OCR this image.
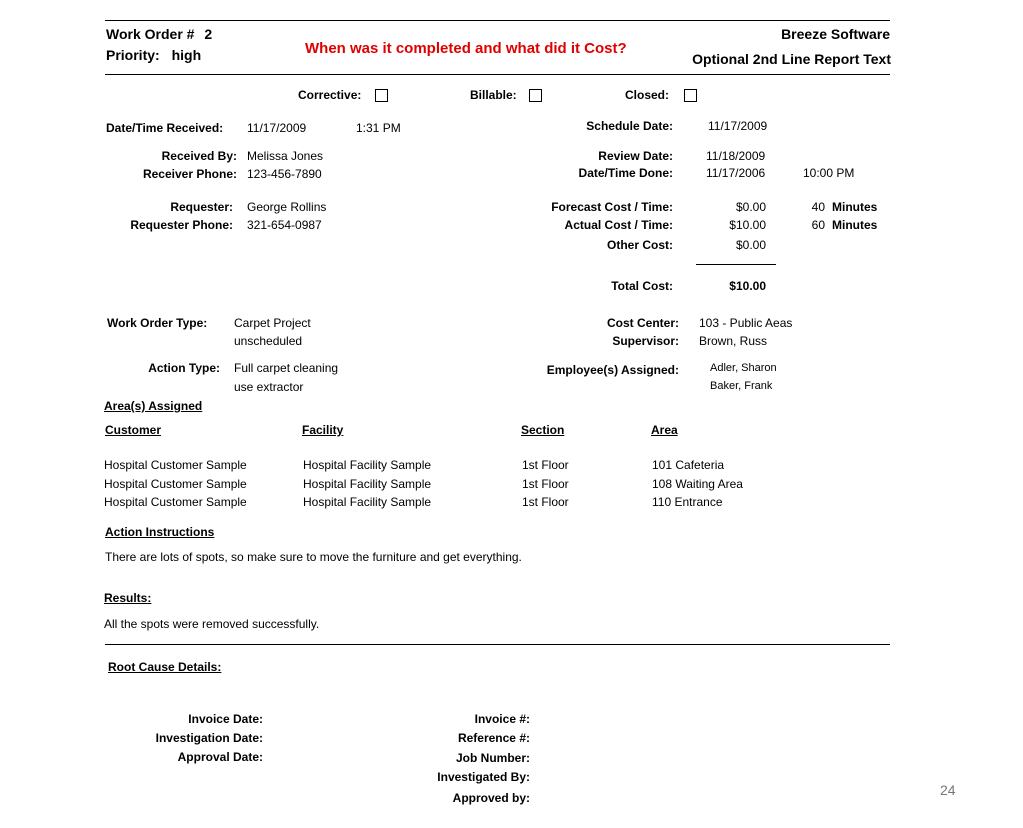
Work Order # 2
Priority: high	When was it completed and what did it Cost?
Breeze Software
Optional 2nd Line Report Text
Corrective:	Billable:	Closed:
Date/Time Received: 11/17/2009	1:31 PM
Received By: Melissa Jones
Receiver Phone: 123-456-7890
Requester: George Rollins
Requester Phone: 321-654-0987
Work Order Type: Carpet Project
unscheduled
Action Type: Full carpet cleaning
use extractor
Schedule Date:	11/17/2009
Review Date:	11/18/2009
Date/Time Done:	11/17/2006	10:00 PM
Forecast Cost / Time:	$0.00	40 Minutes
Actual Cost / Time:	$10.00	60 Minutes
Other Cost:	$0.00
Total Cost:	$10.00
Cost Center: 103 - Public Aeas
Supervisor: Brown, Russ
Employee(s) Assigned:	Adler, Sharon
Baker, Frank
Area(s) Assigned
Customer	Facility	Section	Area
Hospital Customer Sample	Hospital Facility Sample	1st Floor	101 Cafeteria
Hospital Customer Sample	Hospital Facility Sample	1st Floor	108 Waiting Area
Hospital Customer Sample	Hospital Facility Sample	1st Floor	110 Entrance
Action Instructions
There are lots of spots, so make sure to move the furniture and get everything.
Results:
All the spots were removed successfully.
Root Cause Details:
Invoice Date:
Investigation Date:
Approval Date:
Invoice #:
Reference #:
Job Number:
Investigated By:
Approved by:	24
